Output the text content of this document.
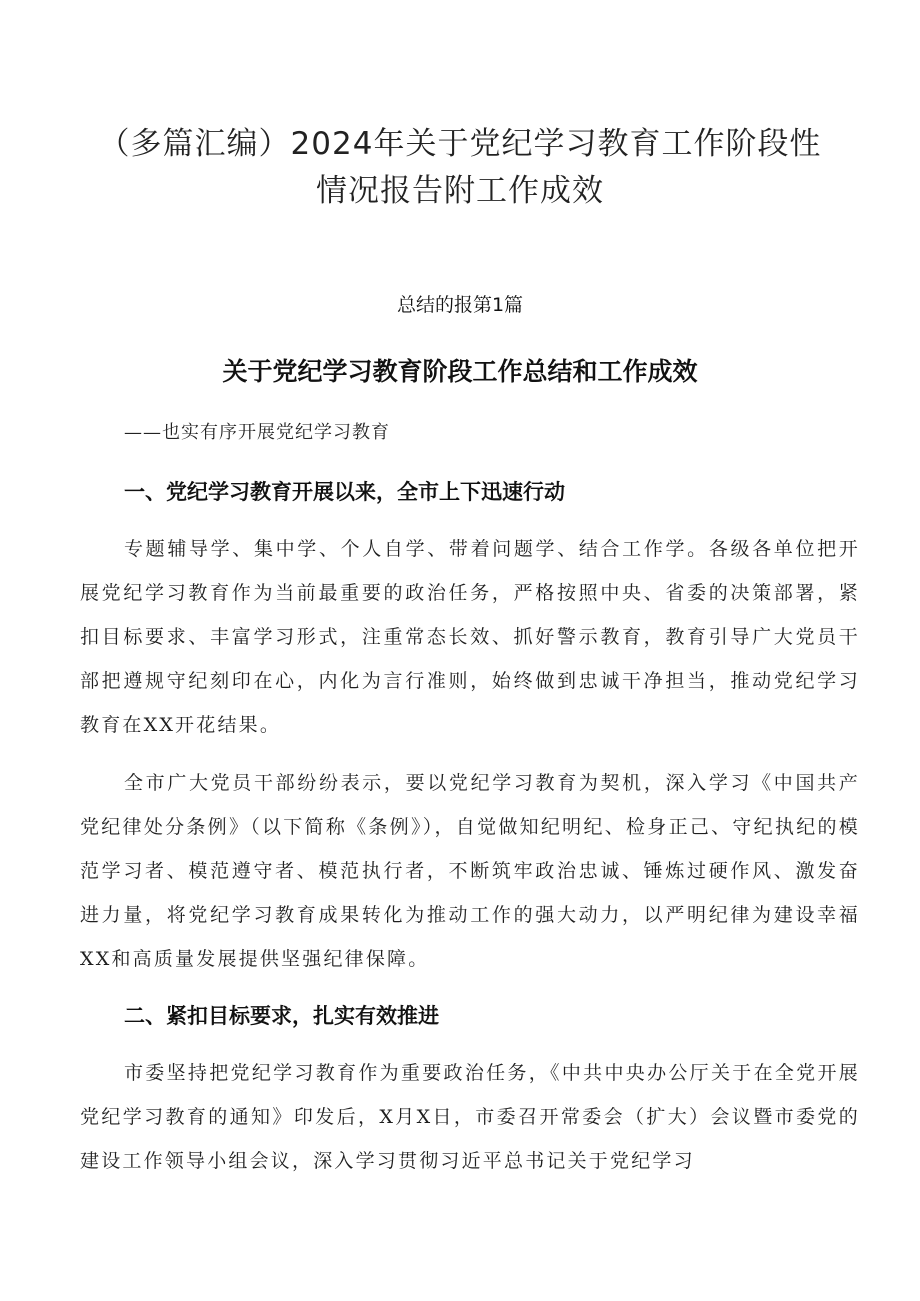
（多篇汇编）2024年关于党纪学习教育工作阶段性
情况报告附工作成效
总结的报第1篇
关于党纪学习教育阶段工作总结和工作成效

——也实有序开展党纪学习教育

一、党纪学习教育开展以来，全市上下迅速行动

专题辅导学、集中学、个人自学、带着问题学、结合工作学。各级各单位把开展党纪学习教育作为当前最重要的政治任务，严格按照中央、省委的决策部署，紧扣目标要求、丰富学习形式，注重常态长效、抓好警示教育，教育引导广大党员干部把遵规守纪刻印在心，内化为言行准则，始终做到忠诚干净担当，推动党纪学习教育在XX开花结果。

全市广大党员干部纷纷表示，要以党纪学习教育为契机，深入学习《中国共产党纪律处分条例》（以下简称《条例》），自觉做知纪明纪、检身正己、守纪执纪的模范学习者、模范遵守者、模范执行者，不断筑牢政治忠诚、锤炼过硬作风、激发奋进力量，将党纪学习教育成果转化为推动工作的强大动力，以严明纪律为建设幸福XX和高质量发展提供坚强纪律保障。

二、紧扣目标要求，扎实有效推进

市委坚持把党纪学习教育作为重要政治任务，《中共中央办公厅关于在全党开展党纪学习教育的通知》印发后，X月X日，市委召开常委会（扩大）会议暨市委党的建设工作领导小组会议，深入学习贯彻习近平总书记关于党纪学习
